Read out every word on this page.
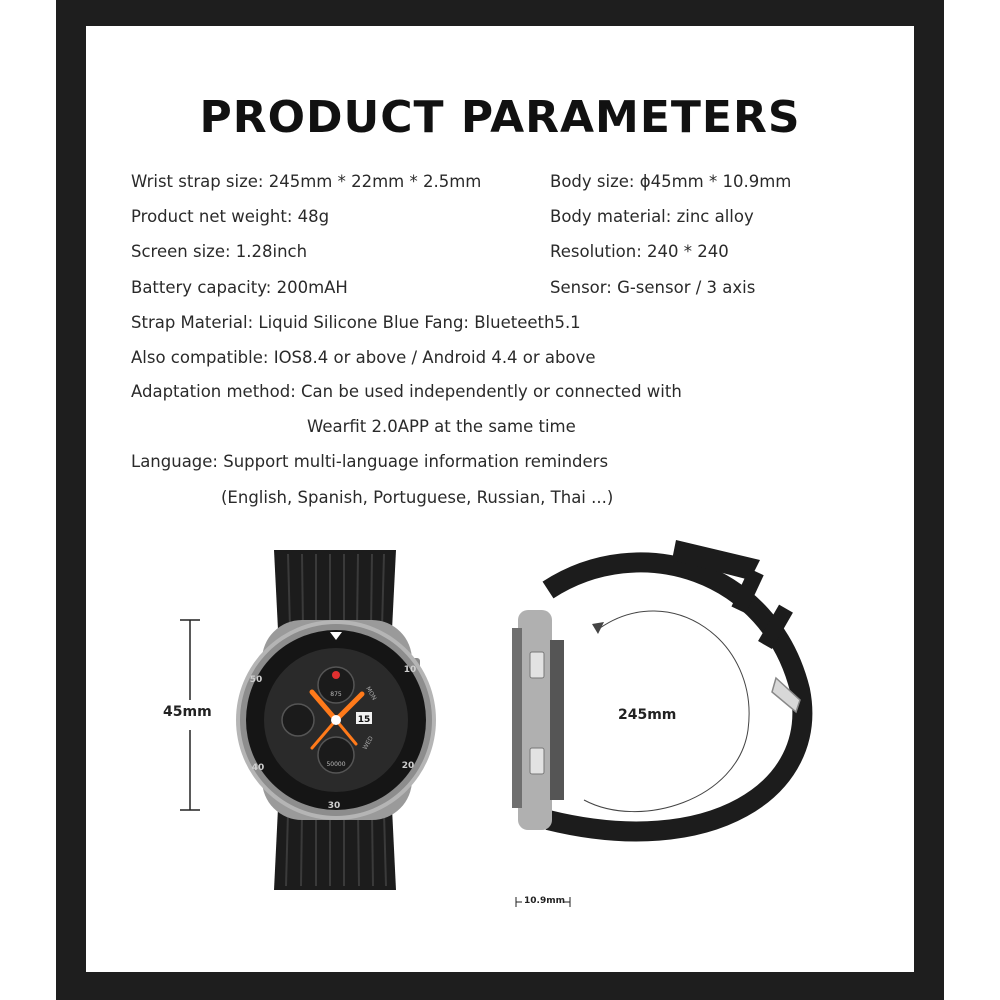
PRODUCT PARAMETERS
Wrist strap size: 245mm * 22mm * 2.5mm	Body size: ϕ45mm * 10.9mm
Product net weight: 48g	Body material: zinc alloy
Screen size: 1.28inch	Resolution: 240 * 240
Battery capacity: 200mAH	Sensor: G-sensor / 3 axis
Strap Material: Liquid Silicone Blue Fang: Blueteeth5.1
Also compatible: IOS8.4 or above / Android 4.4 or above
Adaptation method: Can be used independently or connected with
Wearfit 2.0APP at the same time
Language: Support multi-language information reminders
(English, Spanish, Portuguese, Russian, Thai ...)
45mm
50
40
30
20
10
875
50000
15
MON
WED
245mm
10.9mm
